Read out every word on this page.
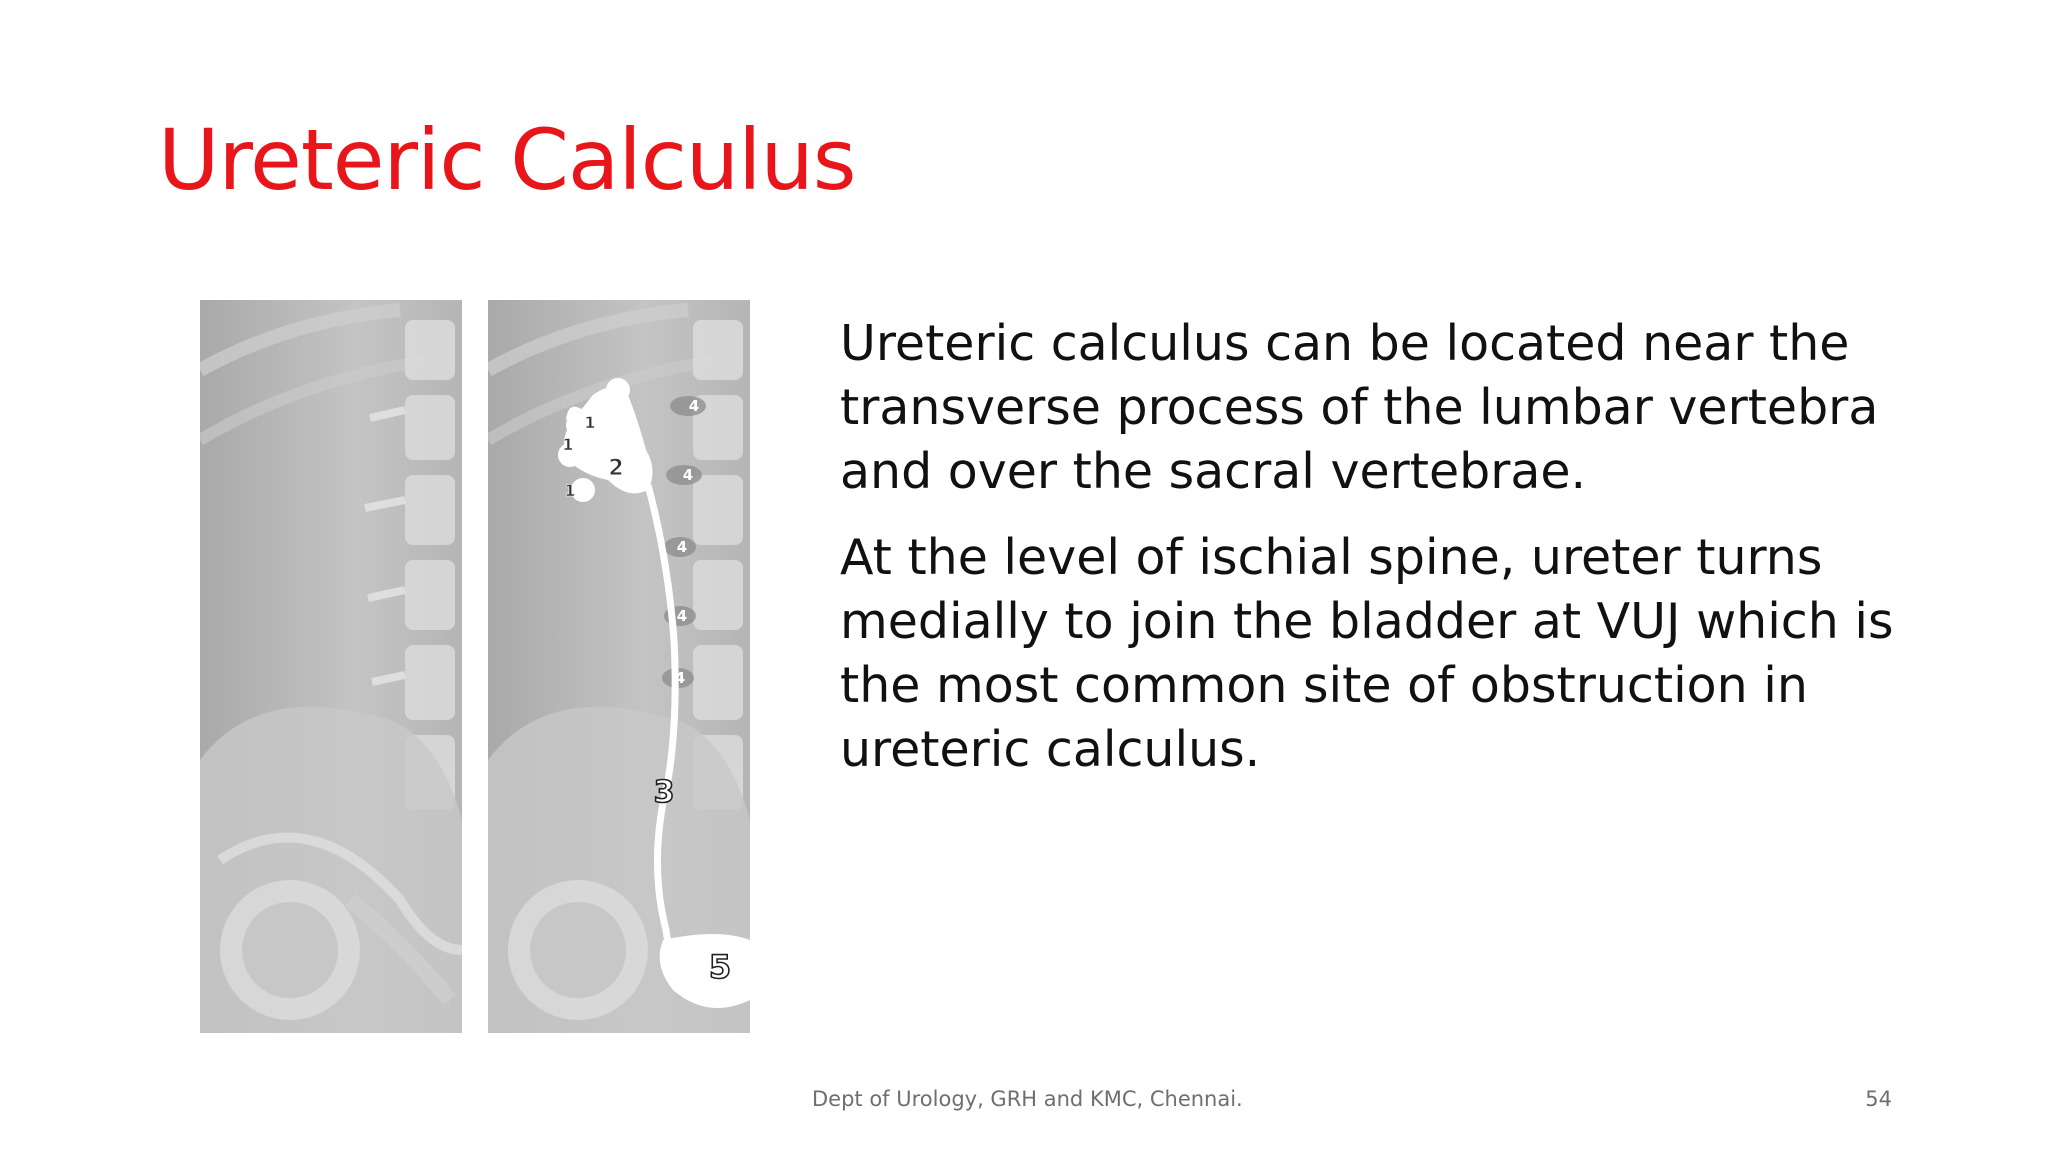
Ureteric Calculus
1
1
1
2
4
4
4
4
4
3
5

Ureteric calculus can be located near the transverse process of the lumbar vertebra and over the sacral vertebrae.

At the level of ischial spine, ureter turns medially to join the bladder at VUJ which is the most common site of obstruction in ureteric calculus.

Dept of Urology, GRH and KMC, Chennai.	54
